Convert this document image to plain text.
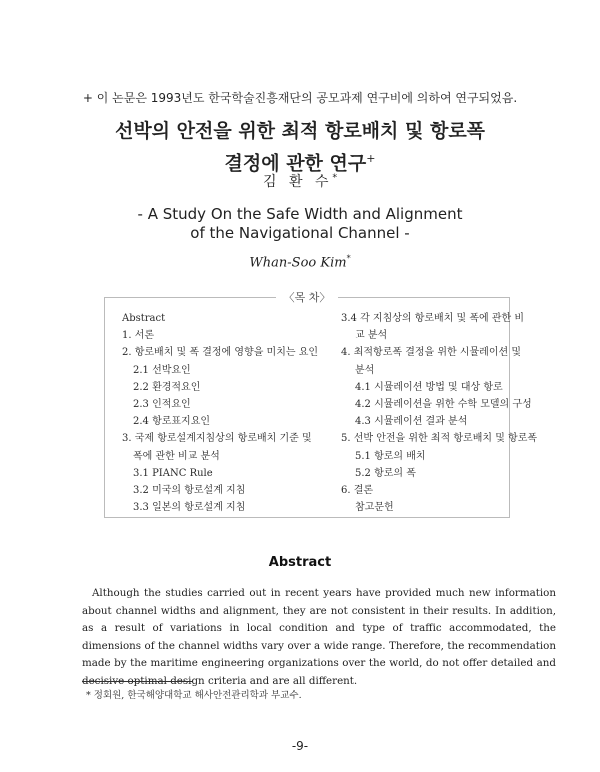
+ 이 논문은 1993년도 한국학술진흥재단의 공모과제 연구비에 의하여 연구되었음.
선박의 안전을 위한 최적 항로배치 및 항로폭
결정에 관한 연구+
김 환 수*
- A Study On the Safe Width and Alignment
of the Navigational Channel -
Whan-Soo Kim*
〈목 차〉
Abstract
1. 서론
2. 항로배치 및 폭 결정에 영향을 미치는 요인
2.1 선박요인
2.2 환경적요인
2.3 인적요인
2.4 항로표지요인
3. 국제 항로설계지침상의 항로배치 기준 및
폭에 관한 비교 분석
3.1 PIANC Rule
3.2 미국의 항로설계 지침
3.3 일본의 항로설계 지침
3.4 각 지침상의 항로배치 및 폭에 관한 비
교 분석
4. 최적항로폭 결정을 위한 시뮬레이션 및
분석
4.1 시뮬레이션 방법 및 대상 항로
4.2 시뮬레이션을 위한 수학 모델의 구성
4.3 시뮬레이션 결과 분석
5. 선박 안전을 위한 최적 항로배치 및 항로폭
5.1 항로의 배치
5.2 항로의 폭
6. 결론
참고문헌
Abstract
Although the studies carried out in recent years have provided much new information about channel widths and alignment, they are not consistent in their results. In addition, as a result of variations in local condition and type of traffic accommodated, the dimensions of the channel widths vary over a wide range. Therefore, the recommendation made by the maritime engineering organizations over the world, do not offer detailed and decisive optimal design criteria and are all different.
* 정회원, 한국해양대학교 해사안전관리학과 부교수.
-9-
